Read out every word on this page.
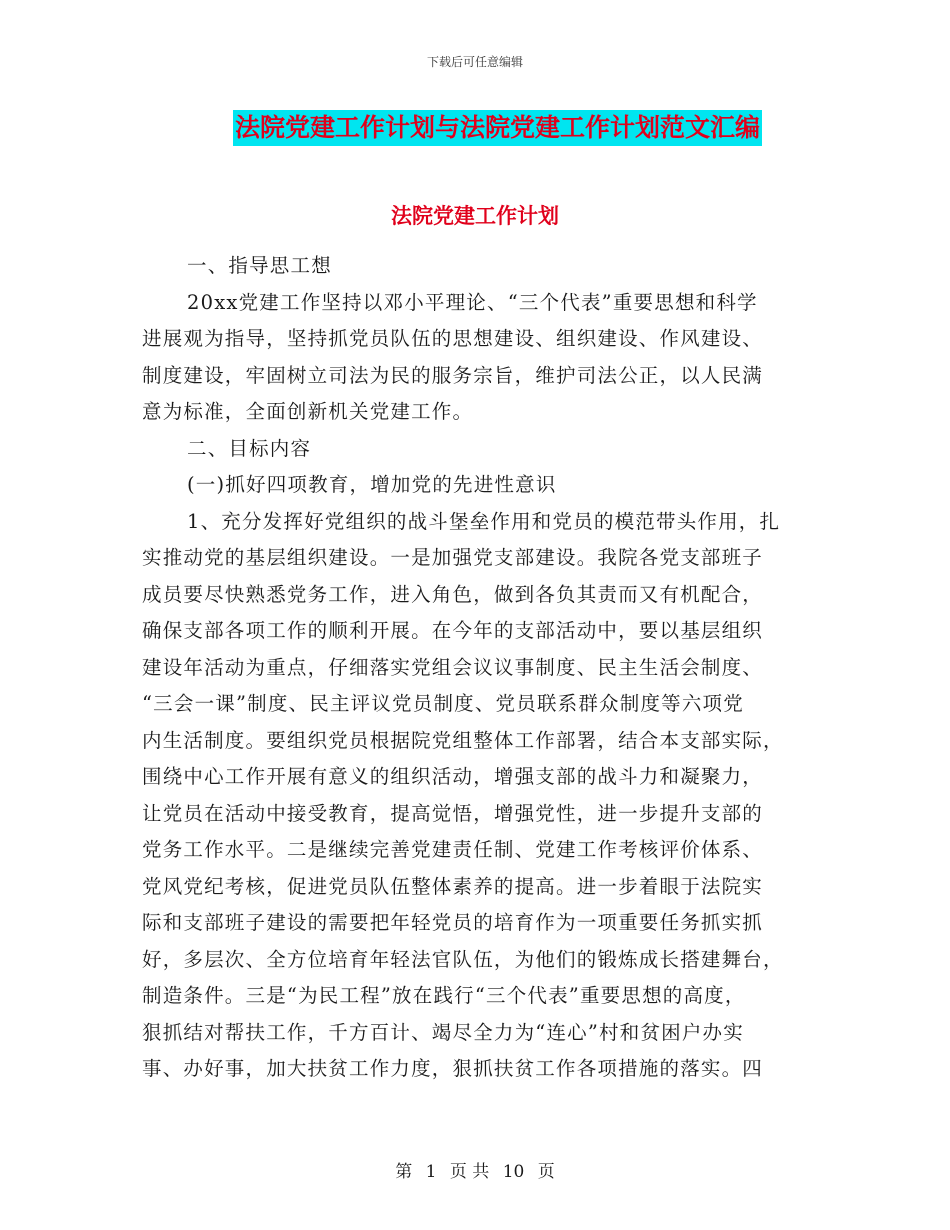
下载后可任意编辑
法院党建工作计划与法院党建工作计划范文汇编
法院党建工作计划
一、指导思工想
20xx党建工作坚持以邓小平理论、“三个代表”重要思想和科学
进展观为指导，坚持抓党员队伍的思想建设、组织建设、作风建设、
制度建设，牢固树立司法为民的服务宗旨，维护司法公正，以人民满
意为标准，全面创新机关党建工作。
二、目标内容
(一)抓好四项教育，增加党的先进性意识
1、充分发挥好党组织的战斗堡垒作用和党员的模范带头作用，扎
实推动党的基层组织建设。一是加强党支部建设。我院各党支部班子
成员要尽快熟悉党务工作，进入角色，做到各负其责而又有机配合，
确保支部各项工作的顺利开展。在今年的支部活动中，要以基层组织
建设年活动为重点，仔细落实党组会议议事制度、民主生活会制度、
“三会一课”制度、民主评议党员制度、党员联系群众制度等六项党
内生活制度。要组织党员根据院党组整体工作部署，结合本支部实际，
围绕中心工作开展有意义的组织活动，增强支部的战斗力和凝聚力，
让党员在活动中接受教育，提高觉悟，增强党性，进一步提升支部的
党务工作水平。二是继续完善党建责任制、党建工作考核评价体系、
党风党纪考核，促进党员队伍整体素养的提高。进一步着眼于法院实
际和支部班子建设的需要把年轻党员的培育作为一项重要任务抓实抓
好，多层次、全方位培育年轻法官队伍，为他们的锻炼成长搭建舞台，
制造条件。三是“为民工程”放在践行“三个代表”重要思想的高度，
狠抓结对帮扶工作，千方百计、竭尽全力为“连心”村和贫困户办实
事、办好事，加大扶贫工作力度，狠抓扶贫工作各项措施的落实。四
第 1 页 共 10 页
